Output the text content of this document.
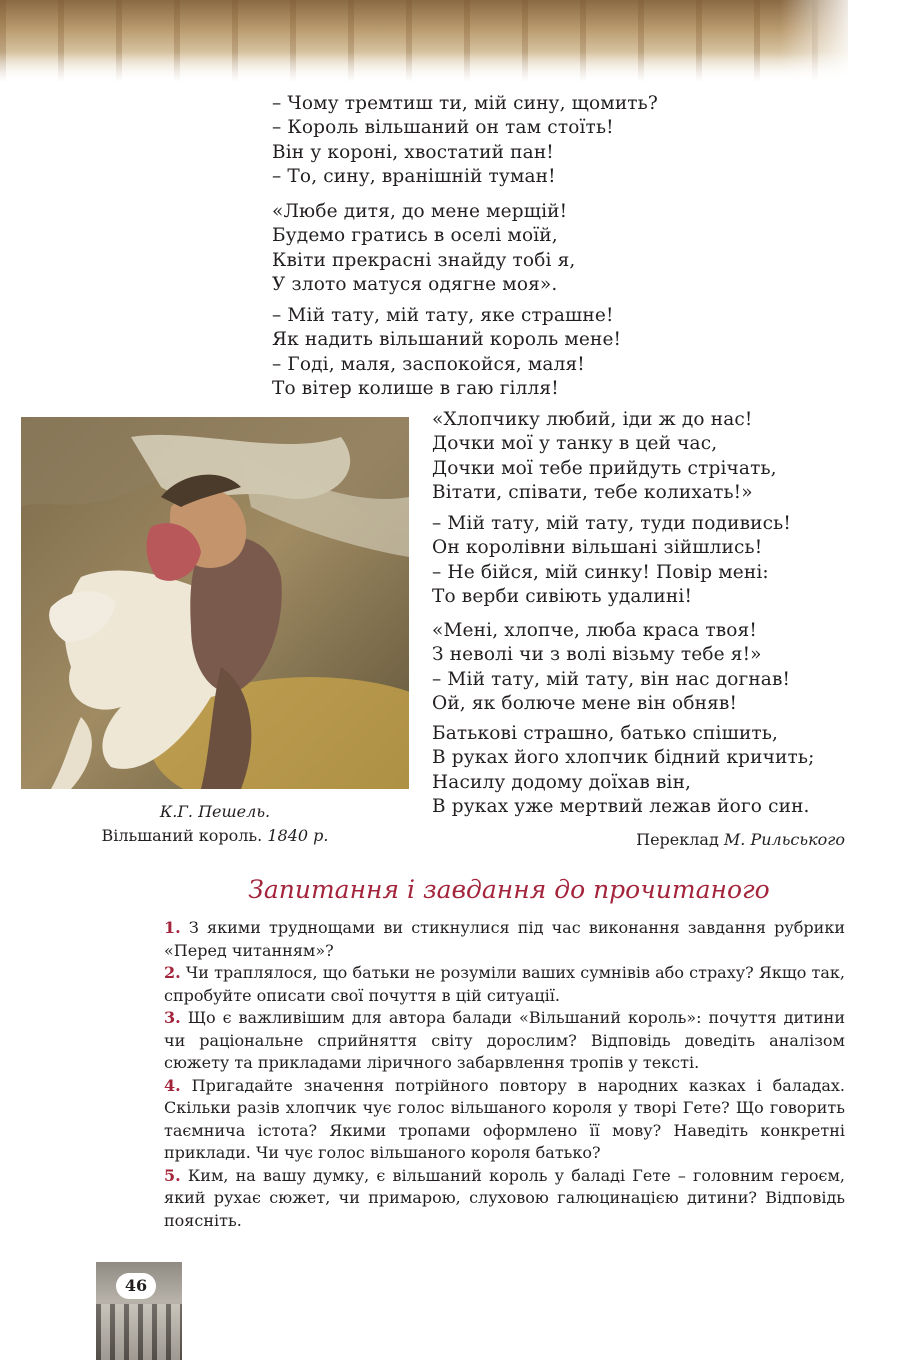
– Чому тремтиш ти, мій сину, щомить?
– Король вільшаний он там стоїть!
Він у короні, хвостатий пан!
– То, сину, вранішній туман!
«Любе дитя, до мене мерщій!
Будемо гратись в оселі моїй,
Квіти прекрасні знайду тобі я,
У злото матуся одягне моя».
– Мій тату, мій тату, яке страшне!
Як надить вільшаний король мене!
– Годі, маля, заспокойся, маля!
То вітер колише в гаю гілля!
К.Г. Пешель.
Вільшаний король. 1840 р.
«Хлопчику любий, іди ж до нас!
Дочки мої у танку в цей час,
Дочки мої тебе прийдуть стрічать,
Вітати, співати, тебе колихать!»
– Мій тату, мій тату, туди подивись!
Он королівни вільшані зійшлись!
– Не бійся, мій синку! Повір мені:
То верби сивіють удалині!
«Мені, хлопче, люба краса твоя!
З неволі чи з волі візьму тебе я!»
– Мій тату, мій тату, він нас догнав!
Ой, як болюче мене він обняв!
Батькові страшно, батько спішить,
В руках його хлопчик бідний кричить;
Насилу додому доїхав він,
В руках уже мертвий лежав його син.
Переклад М. Рильського
Запитання і завдання до прочитаного

1. З якими труднощами ви стикнулися під час виконання завдання рубрики «Перед читанням»?

2. Чи траплялося, що батьки не розуміли ваших сумнівів або страху? Якщо так, спробуйте описати свої почуття в цій ситуації.

3. Що є важливішим для автора балади «Вільшаний король»: почуття дитини чи раціональне сприйняття світу дорослим? Відповідь доведіть аналізом сюжету та прикладами ліричного забарвлення тропів у тексті.

4. Пригадайте значення потрійного повтору в народних казках і баладах. Скільки разів хлопчик чує голос вільшаного короля у творі Гете? Що говорить таємнича істота? Якими тропами оформлено її мову? Наведіть конкретні приклади. Чи чує голос вільшаного короля батько?

5. Ким, на вашу думку, є вільшаний король у баладі Гете – головним героєм, який рухає сюжет, чи примарою, слуховою галюцинацією дитини? Відповідь поясніть.

46
